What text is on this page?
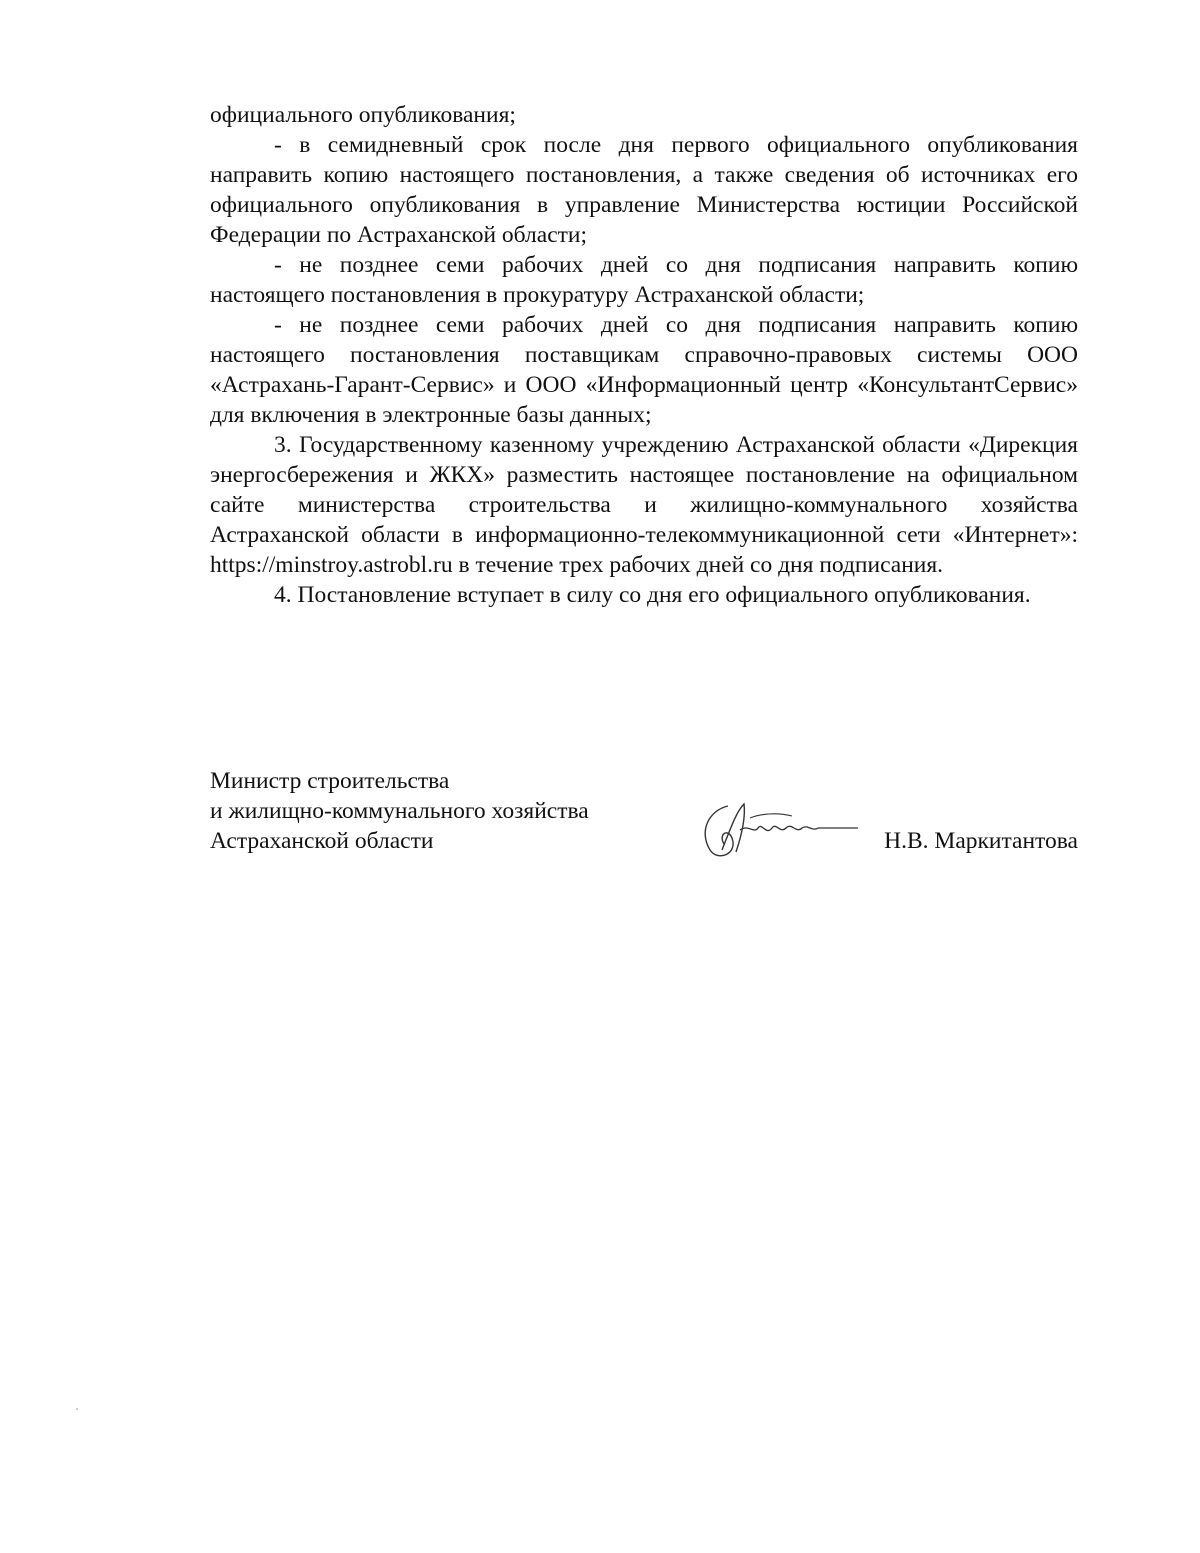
официального опубликования;

- в семидневный срок после дня первого официального опубликования направить копию настоящего постановления, а также сведения об источниках его официального опубликования в управление Министерства юстиции Российской Федерации по Астраханской области;

- не позднее семи рабочих дней со дня подписания направить копию настоящего постановления в прокуратуру Астраханской области;

- не позднее семи рабочих дней со дня подписания направить копию настоящего постановления поставщикам справочно-правовых системы ООО «Астрахань-Гарант-Сервис» и ООО «Информационный центр «КонсультантСервис» для включения в электронные базы данных;

3. Государственному казенному учреждению Астраханской области «Дирекция энергосбережения и ЖКХ» разместить настоящее постановление на официальном сайте министерства строительства и жилищно-коммунального хозяйства Астраханской области в информационно-телекоммуникационной сети «Интернет»: https://minstroy.astrobl.ru в течение трех рабочих дней со дня подписания.

4. Постановление вступает в силу со дня его официального опубликования.

Министр строительства
и жилищно-коммунального хозяйства
Астраханской области	Н.В. Маркитантова
